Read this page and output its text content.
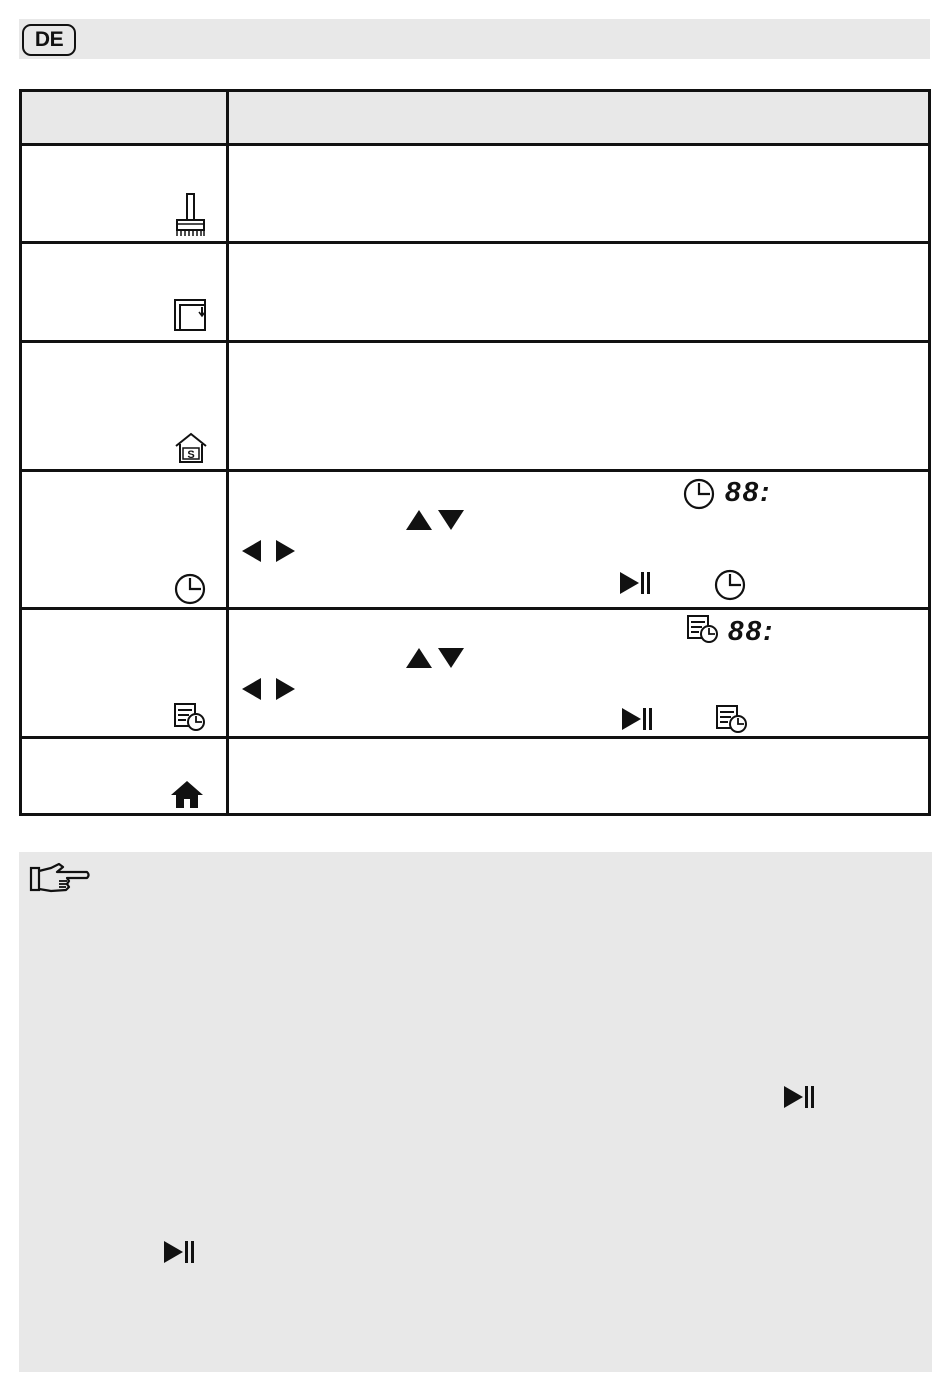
DE
S
88:
88:
